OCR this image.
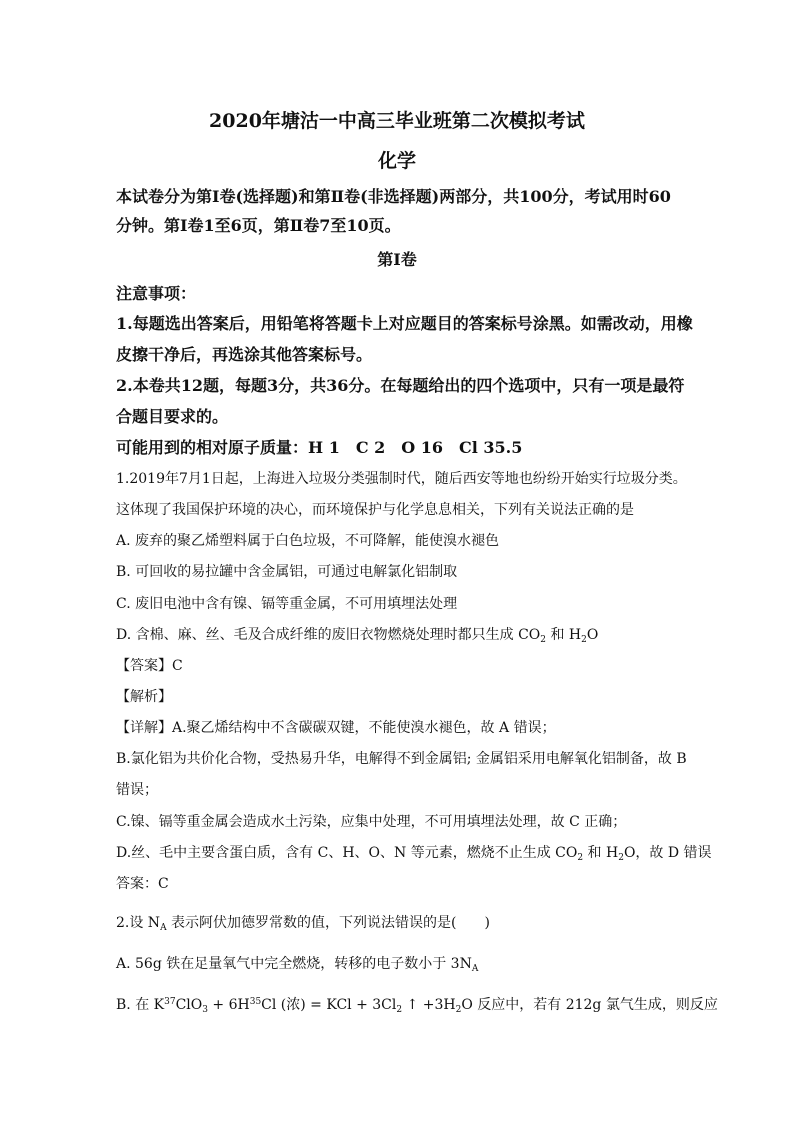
2020年塘沽一中高三毕业班第二次模拟考试
化学
本试卷分为第Ⅰ卷(选择题)和第Ⅱ卷(非选择题)两部分，共100分，考试用时60
分钟。第Ⅰ卷1至6页，第Ⅱ卷7至10页。
第Ⅰ卷
注意事项：
1.每题选出答案后，用铅笔将答题卡上对应题目的答案标号涂黑。如需改动，用橡
皮擦干净后，再选涂其他答案标号。
2.本卷共12题，每题3分，共36分。在每题给出的四个选项中，只有一项是最符
合题目要求的。
可能用到的相对原子质量：H 1　C 2　O 16　Cl 35.5
1.2019年7月1日起，上海进入垃圾分类强制时代，随后西安等地也纷纷开始实行垃圾分类。
这体现了我国保护环境的决心，而环境保护与化学息息相关，下列有关说法正确的是
A. 废弃的聚乙烯塑料属于白色垃圾，不可降解，能使溴水褪色
B. 可回收的易拉罐中含金属铝，可通过电解氯化铝制取
C. 废旧电池中含有镍、镉等重金属，不可用填埋法处理
D. 含棉、麻、丝、毛及合成纤维的废旧衣物燃烧处理时都只生成 $CO_2$ 和 $H_2O$
【答案】C
【解析】
【详解】A.聚乙烯结构中不含碳碳双键，不能使溴水褪色，故 A 错误；
B.氯化铝为共价化合物，受热易升华，电解得不到金属铝; 金属铝采用电解氧化铝制备，故 B
错误；
C.镍、镉等重金属会造成水土污染，应集中处理，不可用填埋法处理，故 C 正确；
D.丝、毛中主要含蛋白质，含有 C、H、O、N 等元素，燃烧不止生成 $CO_2$ 和 $H_2O$，故 D 错误
答案：C
2.设 $N_A$ 表示阿伏加德罗常数的值，下列说法错误的是(　　)
A. 56g 铁在足量氧气中完全燃烧，转移的电子数小于 $3N_A$
B. 在 $K^{37}ClO_3 + 6H^{35}Cl$ (浓) = KCl + $3Cl_2$ ↑ $+3H_2O$ 反应中，若有 212g 氯气生成，则反应
